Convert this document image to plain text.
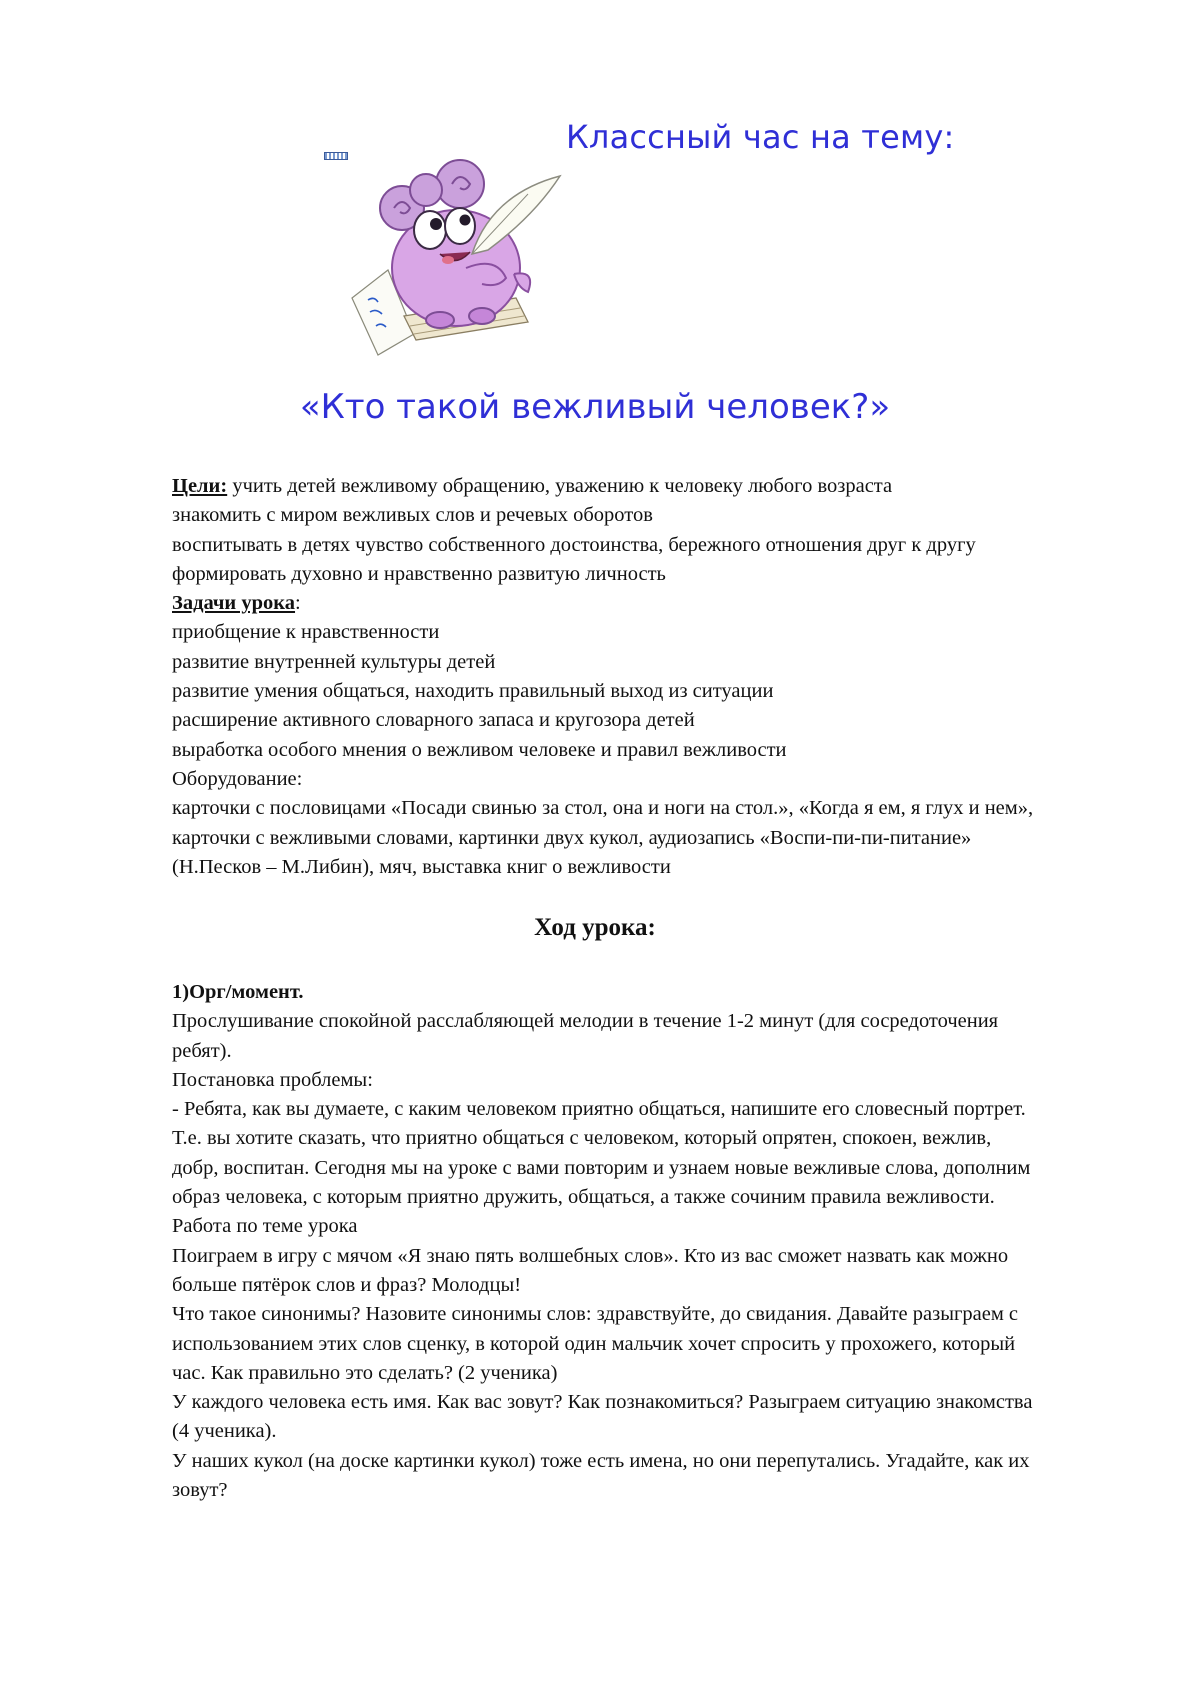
Классный час на тему:
«Кто такой вежливый человек?»

Цели: учить детей вежливому обращению, уважению к человеку любого возраста

знакомить с миром вежливых слов и речевых оборотов

воспитывать в детях чувство собственного достоинства, бережного отношения друг к другу

формировать духовно и нравственно развитую личность

Задачи урока:

приобщение к нравственности

развитие внутренней культуры детей

развитие умения общаться, находить правильный выход из ситуации

расширение активного словарного запаса и кругозора детей

выработка особого мнения о вежливом человеке и правил вежливости

Оборудование:

карточки с пословицами «Посади свинью за стол, она и ноги на стол.», «Когда я ем, я глух и нем»,

карточки с вежливыми словами, картинки двух кукол, аудиозапись «Воспи-пи-пи-питание»

(Н.Песков – М.Либин), мяч, выставка книг о вежливости

Ход урока:

1)Орг/момент.

Прослушивание спокойной расслабляющей мелодии в течение 1-2 минут (для сосредоточения

ребят).

Постановка проблемы:

- Ребята, как вы думаете, с каким человеком приятно общаться, напишите его словесный портрет.

Т.е. вы хотите сказать, что приятно общаться с человеком, который опрятен, спокоен, вежлив,

добр, воспитан. Сегодня мы на уроке с вами повторим и узнаем новые вежливые слова, дополним

образ человека, с которым приятно дружить, общаться, а также сочиним правила вежливости.

Работа по теме урока

Поиграем в игру с мячом «Я знаю пять волшебных слов». Кто из вас сможет назвать как можно

больше пятёрок слов и фраз? Молодцы!

Что такое синонимы? Назовите синонимы слов: здравствуйте, до свидания. Давайте разыграем с

использованием этих слов сценку, в которой один мальчик хочет спросить у прохожего, который

час. Как правильно это сделать? (2 ученика)

У каждого человека есть имя. Как вас зовут? Как познакомиться? Разыграем ситуацию знакомства

(4 ученика).

У наших кукол (на доске картинки кукол) тоже есть имена, но они перепутались. Угадайте, как их

зовут?
